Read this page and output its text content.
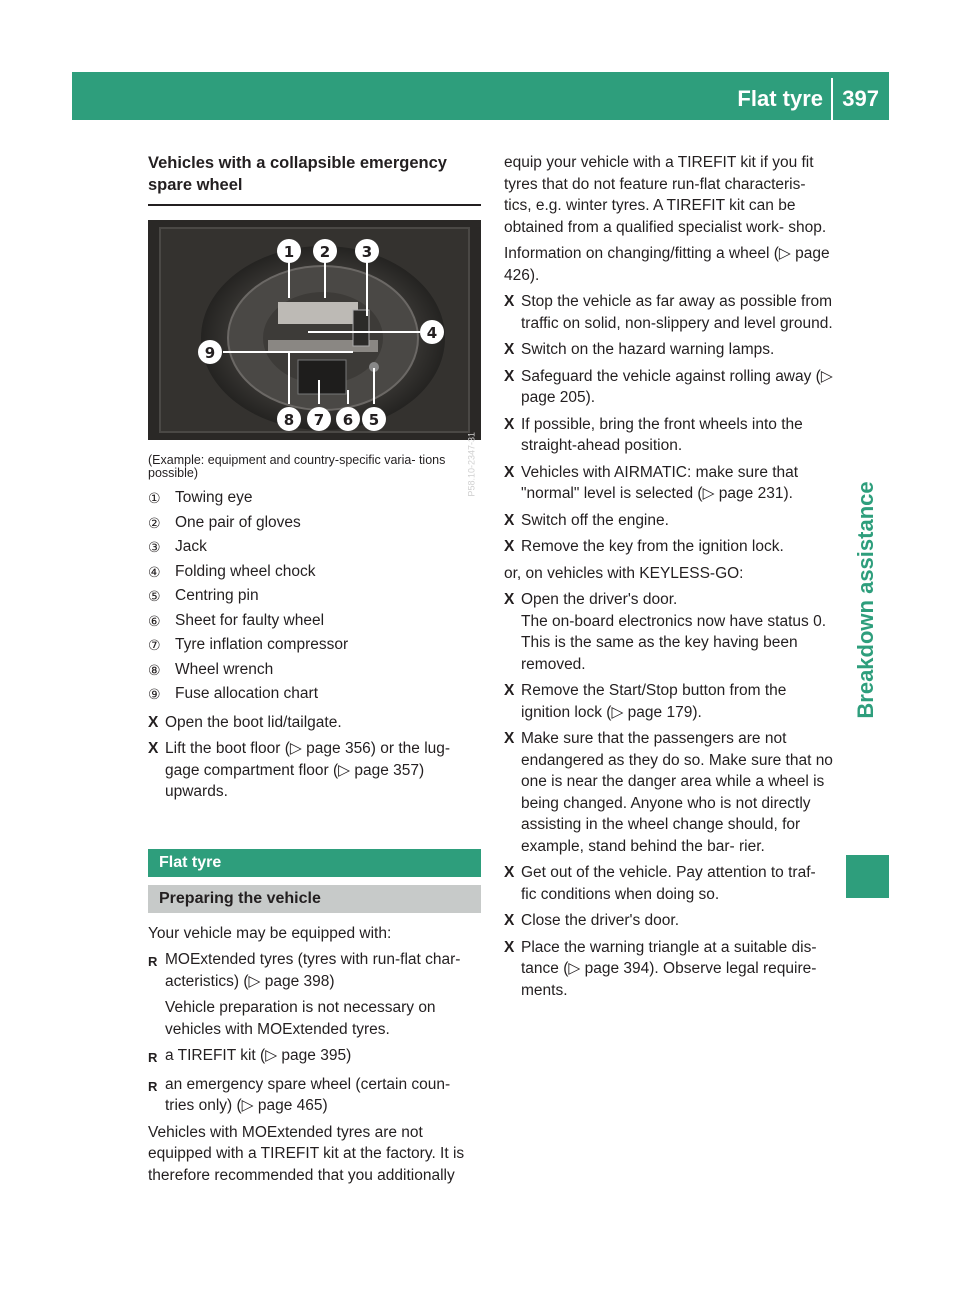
Flat tyre 397
Breakdown assistance
Vehicles with a collapsible emergency spare wheel
1 2 3
4
5
6
7
8
9
P58.10-2347-31
(Example: equipment and country-specific varia- tions possible)
① Towing eye
② One pair of gloves
③ Jack
④ Folding wheel chock
⑤ Centring pin
⑥ Sheet for faulty wheel
⑦ Tyre inflation compressor
⑧ Wheel wrench
⑨ Fuse allocation chart
X Open the boot lid/tailgate.
X Lift the boot floor (▷ page 356) or the lug- gage compartment floor (▷ page 357) upwards.
Flat tyre
Preparing the vehicle
Your vehicle may be equipped with:
R MOExtended tyres (tyres with run-flat char- acteristics) (▷ page 398)
Vehicle preparation is not necessary on vehicles with MOExtended tyres.
R a TIREFIT kit (▷ page 395)
R an emergency spare wheel (certain coun- tries only) (▷ page 465)
Vehicles with MOExtended tyres are not equipped with a TIREFIT kit at the factory. It is therefore recommended that you additionally
equip your vehicle with a TIREFIT kit if you fit tyres that do not feature run-flat characteris- tics, e.g. winter tyres. A TIREFIT kit can be obtained from a qualified specialist work- shop.
Information on changing/fitting a wheel (▷ page 426).
X Stop the vehicle as far away as possible from traffic on solid, non-slippery and level ground.
X Switch on the hazard warning lamps.
X Safeguard the vehicle against rolling away (▷ page 205).
X If possible, bring the front wheels into the straight-ahead position.
X Vehicles with AIRMATIC: make sure that "normal" level is selected (▷ page 231).
X Switch off the engine.
X Remove the key from the ignition lock.
or, on vehicles with KEYLESS-GO:
X Open the driver's door.
The on-board electronics now have status 0. This is the same as the key having been removed.
X Remove the Start/Stop button from the ignition lock (▷ page 179).
X Make sure that the passengers are not endangered as they do so. Make sure that no one is near the danger area while a wheel is being changed. Anyone who is not directly assisting in the wheel change should, for example, stand behind the bar- rier.
X Get out of the vehicle. Pay attention to traf- fic conditions when doing so.
X Close the driver's door.
X Place the warning triangle at a suitable dis- tance (▷ page 394). Observe legal require- ments.
